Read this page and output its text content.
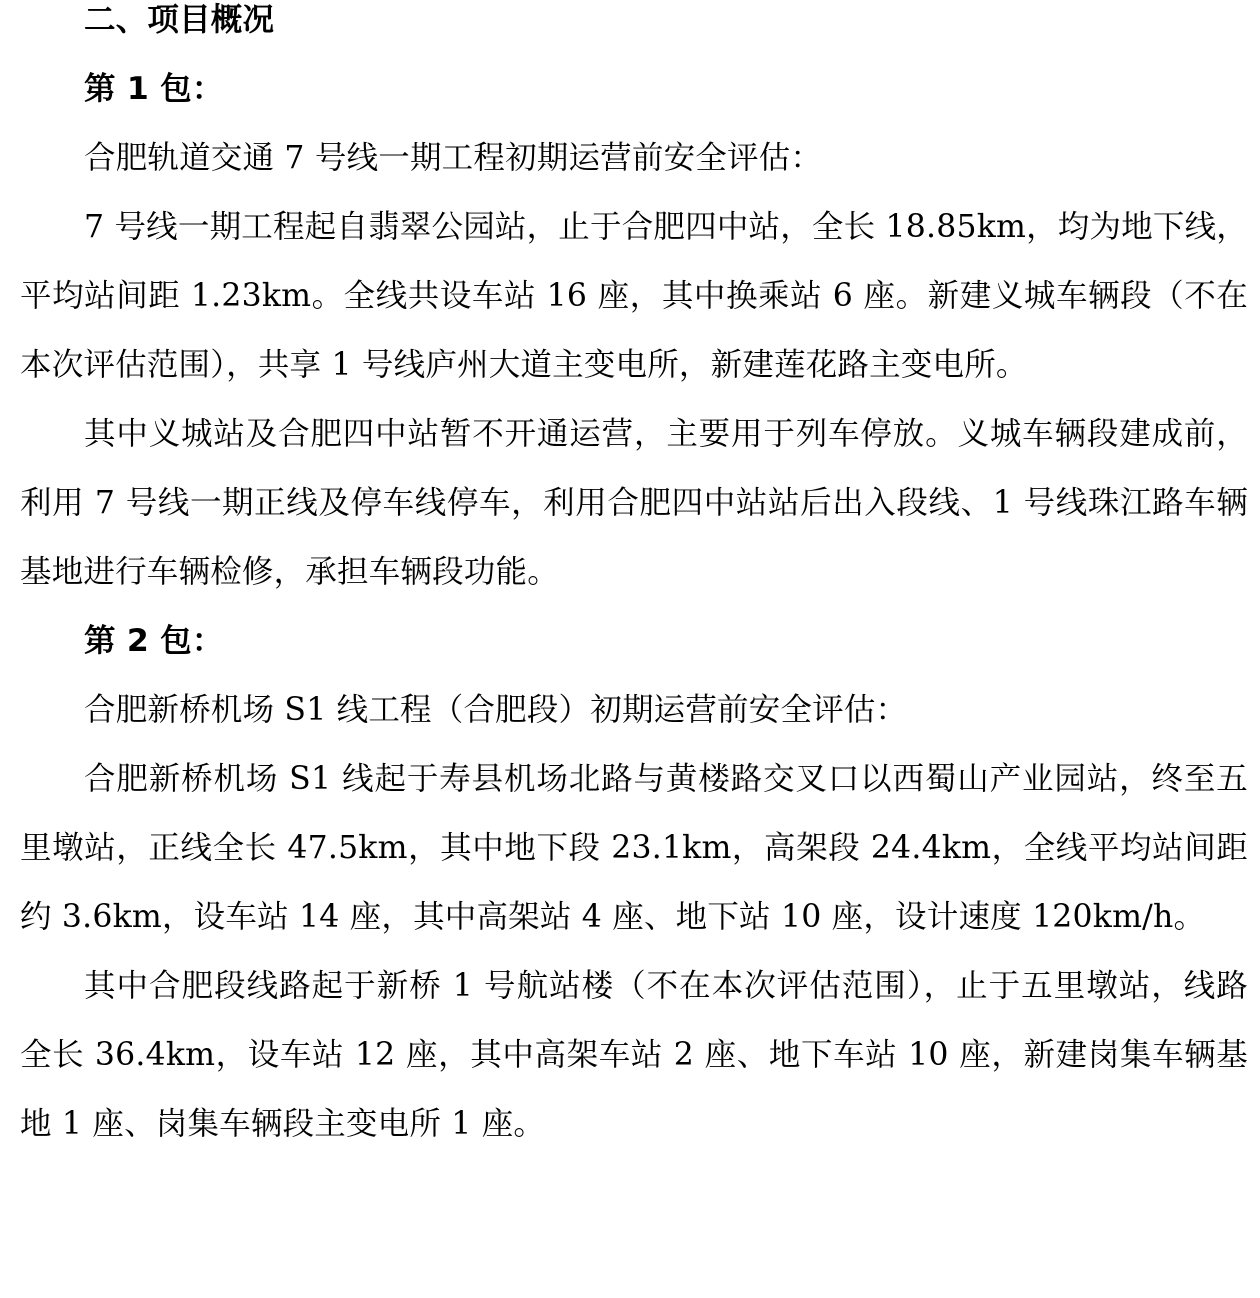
二、项目概况

第 1 包：

合肥轨道交通 7 号线一期工程初期运营前安全评估：

7 号线一期工程起自翡翠公园站，止于合肥四中站，全长 18.85km，均为地下线，平均站间距 1.23km。全线共设车站 16 座，其中换乘站 6 座。新建义城车辆段（不在本次评估范围），共享 1 号线庐州大道主变电所，新建莲花路主变电所。

其中义城站及合肥四中站暂不开通运营，主要用于列车停放。义城车辆段建成前，利用 7 号线一期正线及停车线停车，利用合肥四中站站后出入段线、1 号线珠江路车辆基地进行车辆检修，承担车辆段功能。

第 2 包：

合肥新桥机场 S1 线工程（合肥段）初期运营前安全评估：

合肥新桥机场 S1 线起于寿县机场北路与黄楼路交叉口以西蜀山产业园站，终至五里墩站，正线全长 47.5km，其中地下段 23.1km，高架段 24.4km，全线平均站间距约 3.6km，设车站 14 座，其中高架站 4 座、地下站 10 座，设计速度 120km/h。

其中合肥段线路起于新桥 1 号航站楼（不在本次评估范围），止于五里墩站，线路全长 36.4km，设车站 12 座，其中高架车站 2 座、地下车站 10 座，新建岗集车辆基地 1 座、岗集车辆段主变电所 1 座。
